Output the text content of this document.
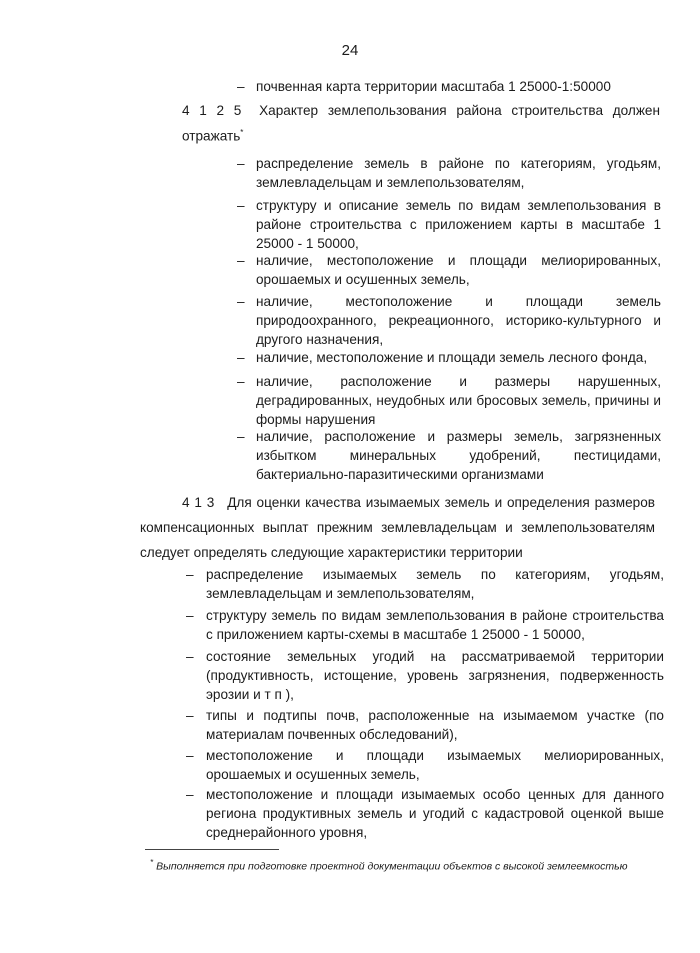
24
– почвенная карта территории масштаба 1 25000-1:50000
4 1 2 5 Характер землепользования района строительства должен отражать*
– распределение земель в районе по категориям, угодьям, землевладельцам и землепользователям,
– структуру и описание земель по видам землепользования в районе строительства с приложением карты в масштабе 1 25000 - 1 50000,
– наличие, местоположение и площади мелиорированных, орошаемых и осушенных земель,
– наличие, местоположение и площади земель природоохранного, рекреационного, историко-культурного и другого назначения,
– наличие, местоположение и площади земель лесного фонда,
– наличие, расположение и размеры нарушенных, деградированных, неудобных или бросовых земель, причины и формы нарушения
– наличие, расположение и размеры земель, загрязненных избытком минеральных удобрений, пестицидами, бактериально-паразитическими организмами
4 1 3 Для оценки качества изымаемых земель и определения размеров компенсационных выплат прежним землевладельцам и землепользователям следует определять следующие характеристики территории
– распределение изымаемых земель по категориям, угодьям, землевладельцам и землепользователям,
– структуру земель по видам землепользования в районе строительства с приложением карты-схемы в масштабе 1 25000 - 1 50000,
– состояние земельных угодий на рассматриваемой территории (продуктивность, истощение, уровень загрязнения, подверженность эрозии и т п ),
– типы и подтипы почв, расположенные на изымаемом участке (по материалам почвенных обследований),
– местоположение и площади изымаемых мелиорированных, орошаемых и осушенных земель,
– местоположение и площади изымаемых особо ценных для данного региона продуктивных земель и угодий с кадастровой оценкой выше среднерайонного уровня,
* Выполняется при подготовке проектной документации объектов с высокой землеемкостью
